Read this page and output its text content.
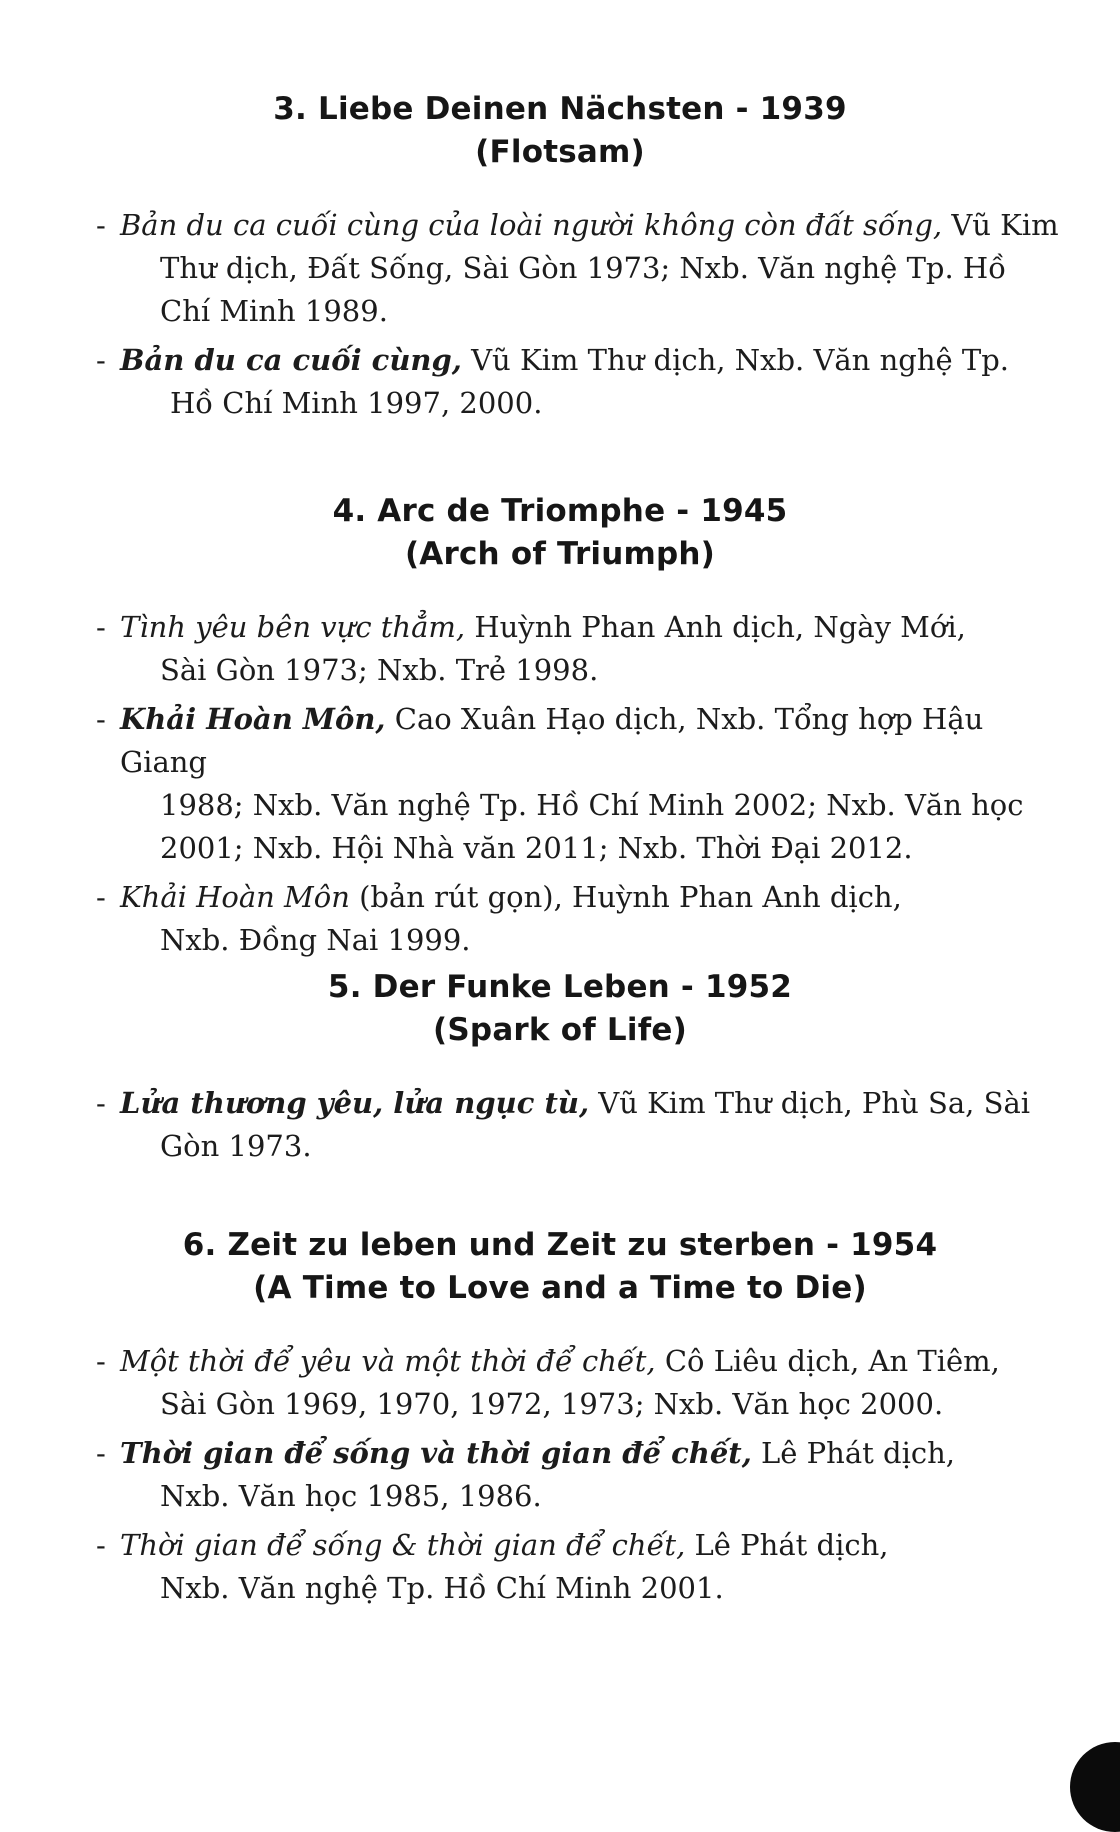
3. Liebe Deinen Nächsten - 1939
(Flotsam)
- Bản du ca cuối cùng của loài người không còn đất sống, Vũ Kim
Thư dịch, Đất Sống, Sài Gòn 1973; Nxb. Văn nghệ Tp. Hồ
Chí Minh 1989.
- Bản du ca cuối cùng, Vũ Kim Thư dịch, Nxb. Văn nghệ Tp.
Hồ Chí Minh 1997, 2000.
4. Arc de Triomphe - 1945
(Arch of Triumph)
- Tình yêu bên vực thẳm, Huỳnh Phan Anh dịch, Ngày Mới,
Sài Gòn 1973; Nxb. Trẻ 1998.
- Khải Hoàn Môn, Cao Xuân Hạo dịch, Nxb. Tổng hợp Hậu Giang
1988; Nxb. Văn nghệ Tp. Hồ Chí Minh 2002; Nxb. Văn học
2001; Nxb. Hội Nhà văn 2011; Nxb. Thời Đại 2012.
- Khải Hoàn Môn (bản rút gọn), Huỳnh Phan Anh dịch,
Nxb. Đồng Nai 1999.
5. Der Funke Leben - 1952
(Spark of Life)
- Lửa thương yêu, lửa ngục tù, Vũ Kim Thư dịch, Phù Sa, Sài
Gòn 1973.
6. Zeit zu leben und Zeit zu sterben - 1954
(A Time to Love and a Time to Die)
- Một thời để yêu và một thời để chết, Cô Liêu dịch, An Tiêm,
Sài Gòn 1969, 1970, 1972, 1973; Nxb. Văn học 2000.
- Thời gian để sống và thời gian để chết, Lê Phát dịch,
Nxb. Văn học 1985, 1986.
- Thời gian để sống & thời gian để chết, Lê Phát dịch,
Nxb. Văn nghệ Tp. Hồ Chí Minh 2001.
